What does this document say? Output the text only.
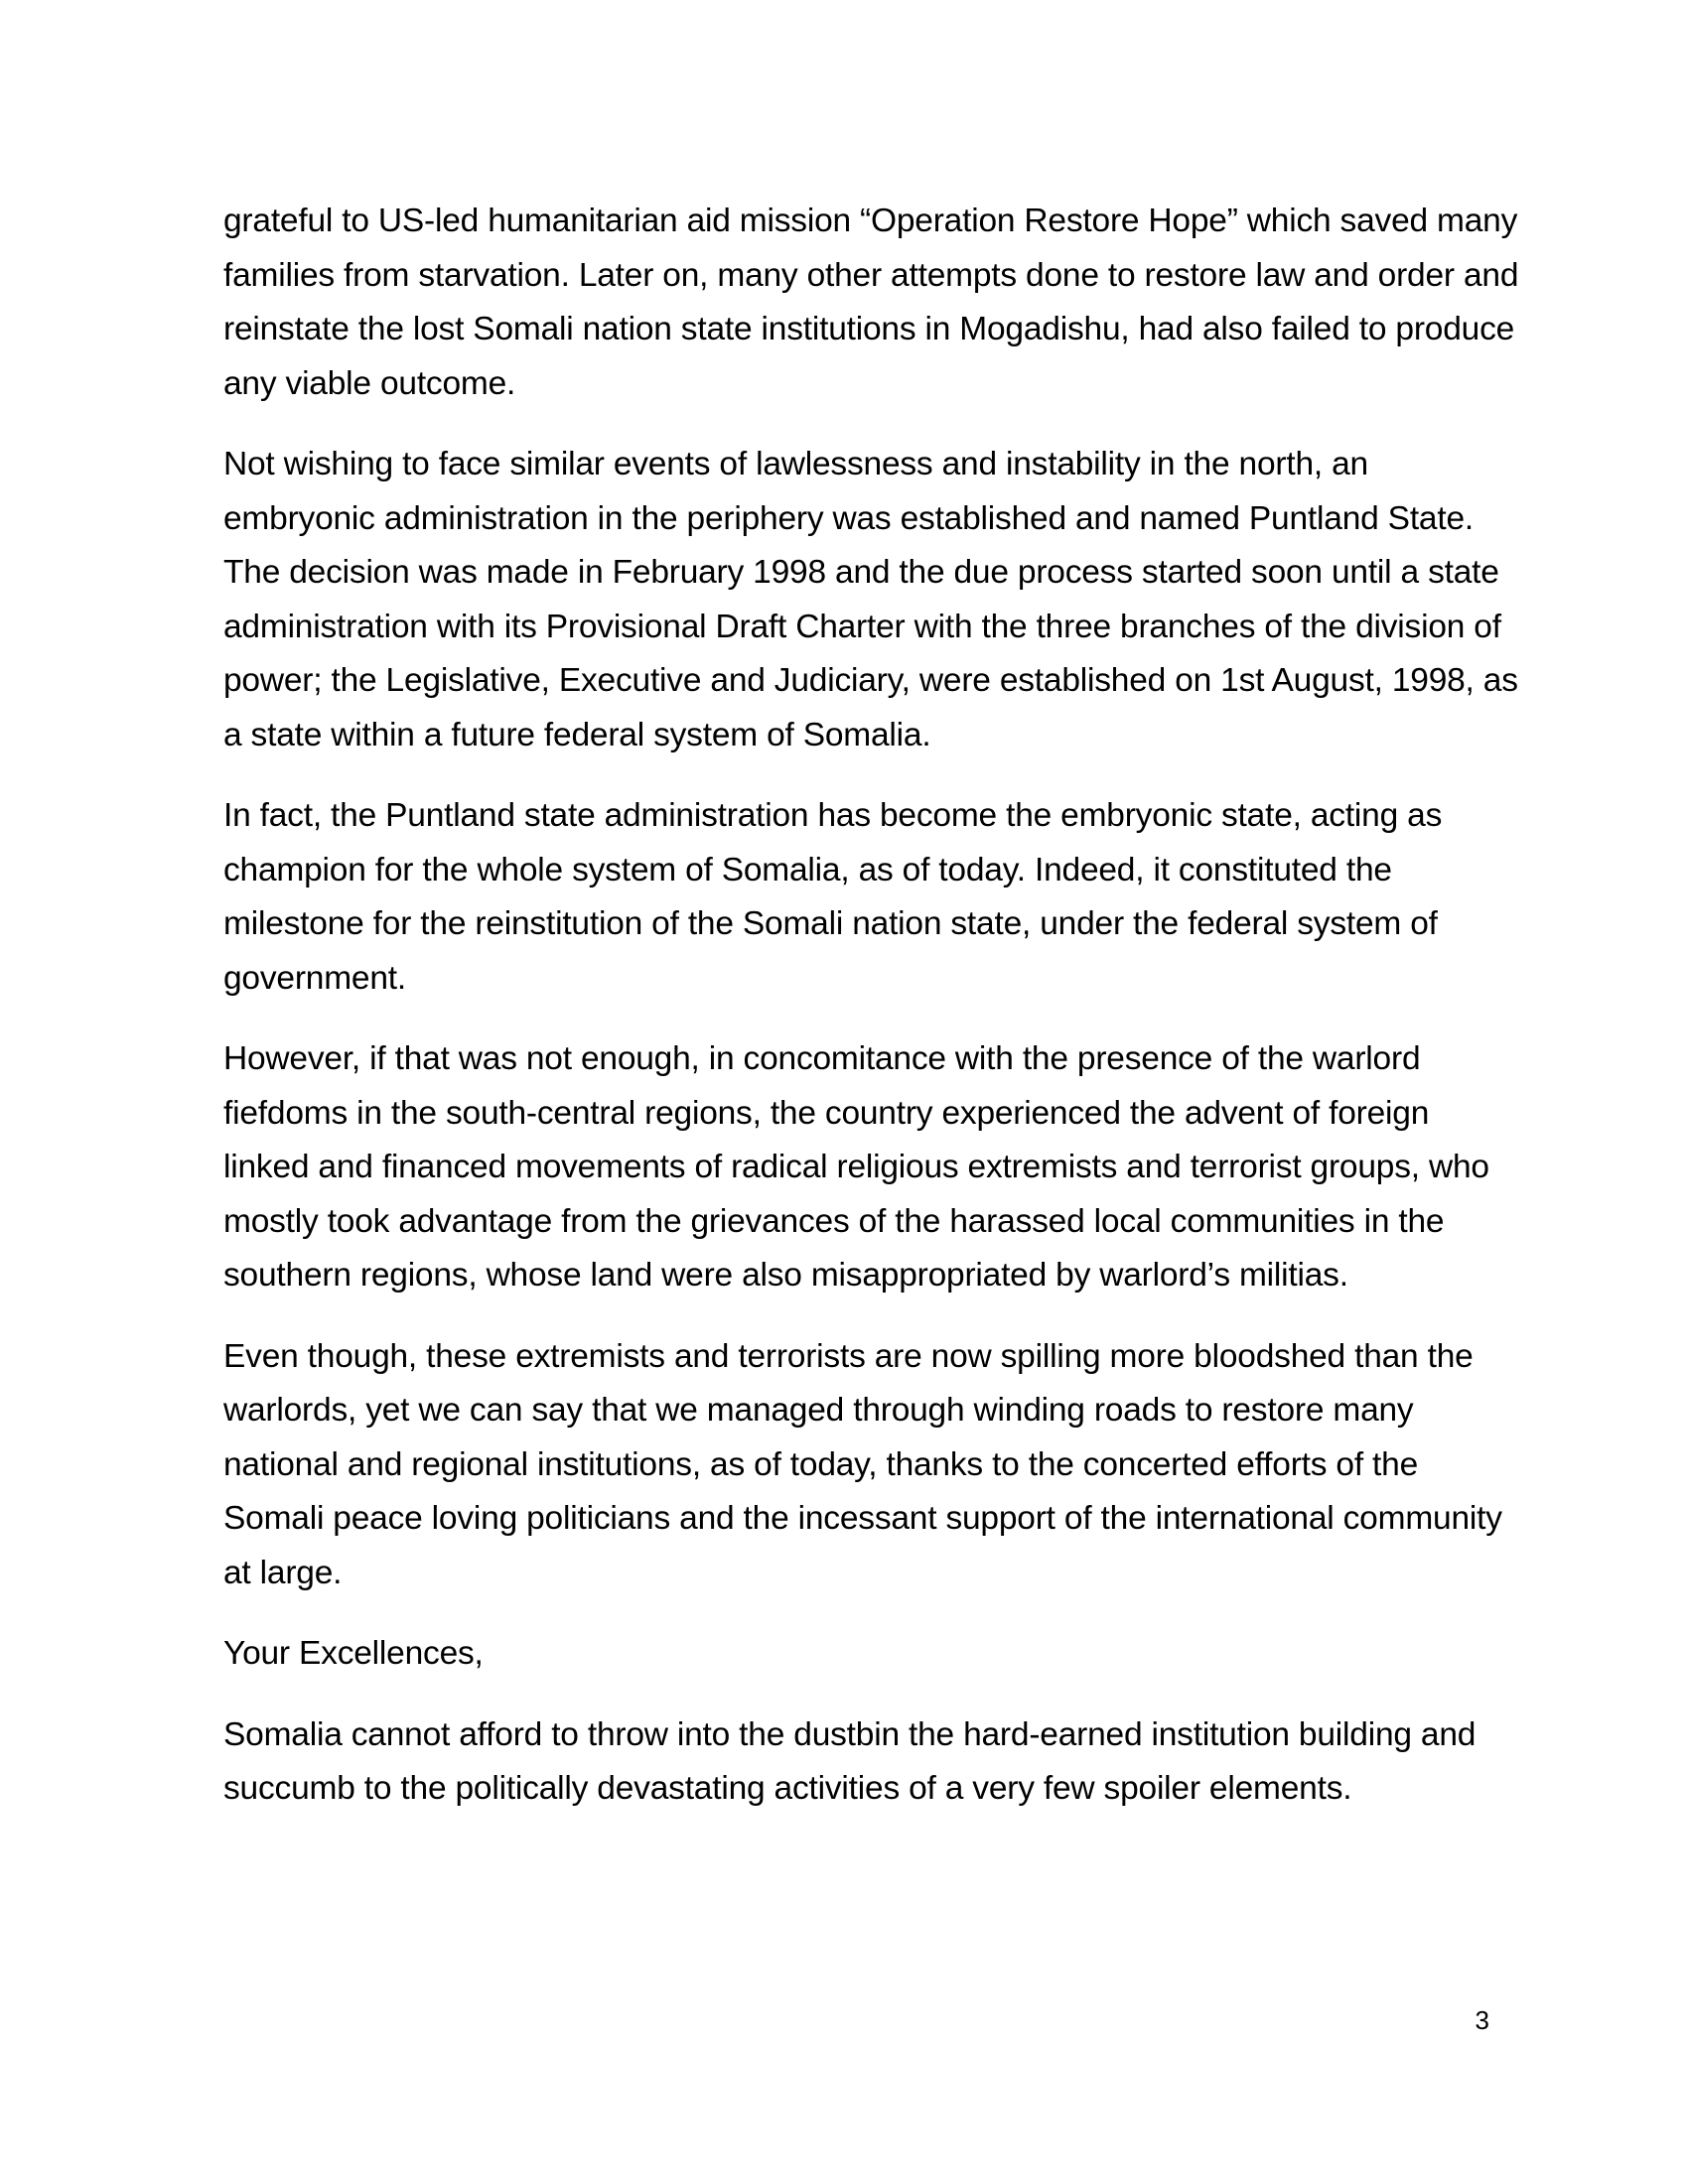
grateful to US-led humanitarian aid mission “Operation Restore Hope” which saved many families from starvation. Later on, many other attempts done to restore law and order and reinstate the lost Somali nation state institutions in Mogadishu, had also failed to produce any viable outcome.

Not wishing to face similar events of lawlessness and instability in the north, an embryonic administration in the periphery was established and named Puntland State. The decision was made in February 1998 and the due process started soon until a state administration with its Provisional Draft Charter with the three branches of the division of power; the Legislative, Executive and Judiciary, were established on 1st August, 1998, as a state within a future federal system of Somalia.

In fact, the Puntland state administration has become the embryonic state, acting as champion for the whole system of Somalia, as of today. Indeed, it constituted the milestone for the reinstitution of the Somali nation state, under the federal system of government.

However, if that was not enough, in concomitance with the presence of the warlord fiefdoms in the south-central regions, the country experienced the advent of foreign linked and financed movements of radical religious extremists and terrorist groups, who mostly took advantage from the grievances of the harassed local communities in the southern regions, whose land were also misappropriated by warlord’s militias.

Even though, these extremists and terrorists are now spilling more bloodshed than the warlords, yet we can say that we managed through winding roads to restore many national and regional institutions, as of today, thanks to the concerted efforts of the Somali peace loving politicians and the incessant support of the international community at large.

Your Excellences,

Somalia cannot afford to throw into the dustbin the hard-earned institution building and succumb to the politically devastating activities of a very few spoiler elements.

3
